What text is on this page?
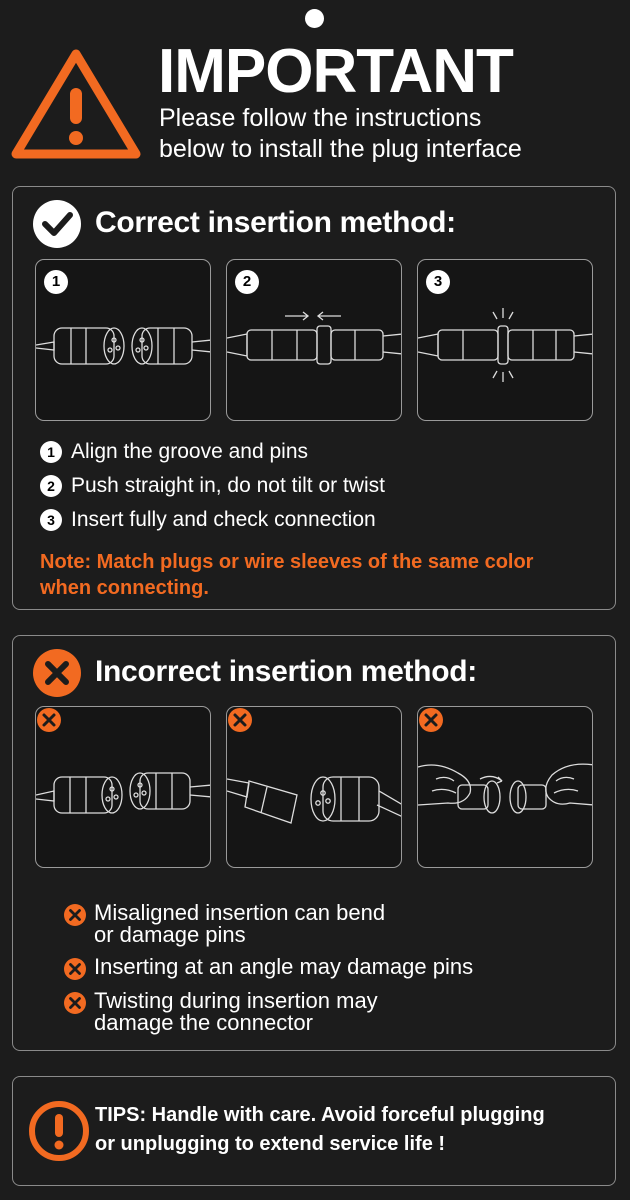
IMPORTANT
Please follow the instructions
below to install the plug interface
Correct insertion method:
1	2	3
1 Align the groove and pins
2 Push straight in, do not tilt or twist
3 Insert fully and check connection
Note: Match plugs or wire sleeves of the same color
when connecting.
Incorrect insertion method:
Misaligned insertion can bend
or damage pins
Inserting at an angle may damage pins
Twisting during insertion may
damage the connector
TIPS: Handle with care. Avoid forceful plugging
or unplugging to extend service life !
